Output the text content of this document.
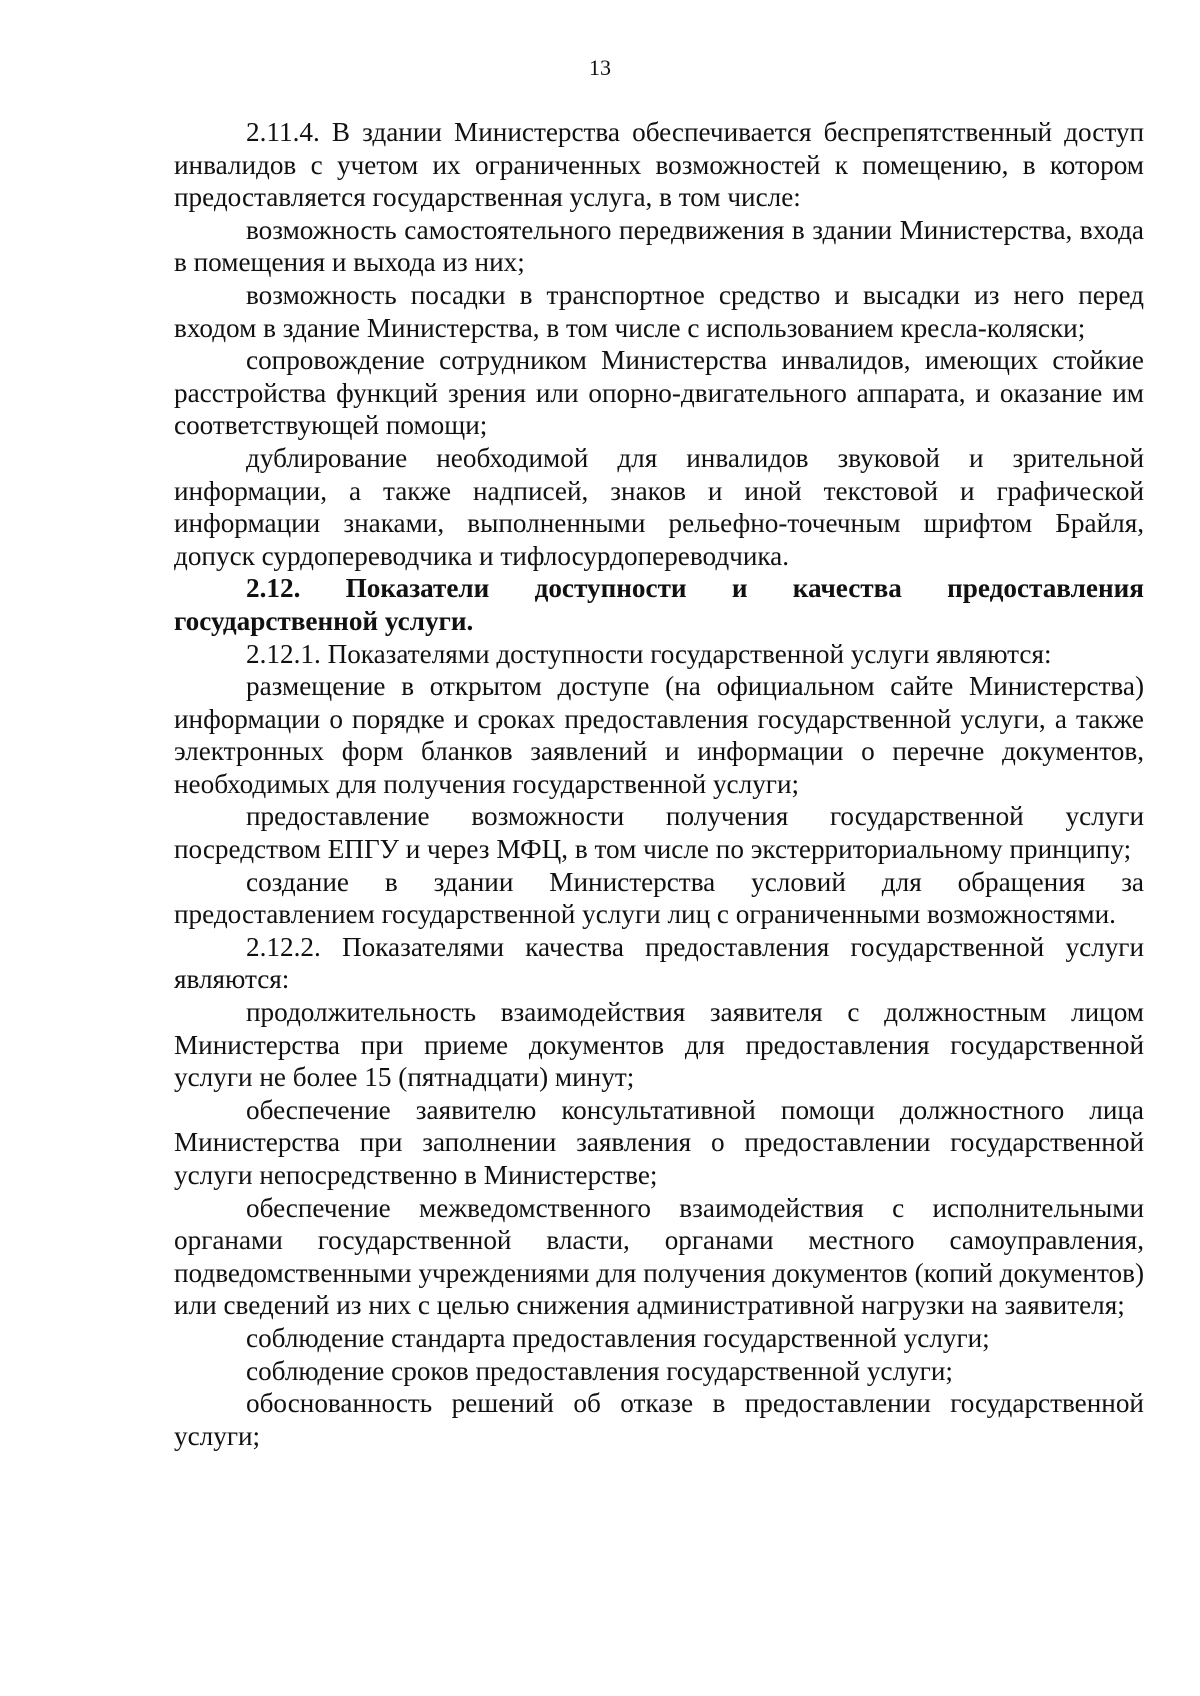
13

2.11.4. В здании Министерства обеспечивается беспрепятственный доступ инвалидов с учетом их ограниченных возможностей к помещению, в котором предоставляется государственная услуга, в том числе:

возможность самостоятельного передвижения в здании Министерства, входа в помещения и выхода из них;

возможность посадки в транспортное средство и высадки из него перед входом в здание Министерства, в том числе с использованием кресла-коляски;

сопровождение сотрудником Министерства инвалидов, имеющих стойкие расстройства функций зрения или опорно-двигательного аппарата, и оказание им соответствующей помощи;

дублирование необходимой для инвалидов звуковой и зрительной информации, а также надписей, знаков и иной текстовой и графической информации знаками, выполненными рельефно-точечным шрифтом Брайля, допуск сурдопереводчика и тифлосурдопереводчика.

2.12. Показатели доступности и качества предоставления государственной услуги.

2.12.1. Показателями доступности государственной услуги являются:

размещение в открытом доступе (на официальном сайте Министерства) информации о порядке и сроках предоставления государственной услуги, а также электронных форм бланков заявлений и информации о перечне документов, необходимых для получения государственной услуги;

предоставление возможности получения государственной услуги посредством ЕПГУ и через МФЦ, в том числе по экстерриториальному принципу;

создание в здании Министерства условий для обращения за предоставлением государственной услуги лиц с ограниченными возможностями.

2.12.2. Показателями качества предоставления государственной услуги являются:

продолжительность взаимодействия заявителя с должностным лицом Министерства при приеме документов для предоставления государственной услуги не более 15 (пятнадцати) минут;

обеспечение заявителю консультативной помощи должностного лица Министерства при заполнении заявления о предоставлении государственной услуги непосредственно в Министерстве;

обеспечение межведомственного взаимодействия с исполнительными органами государственной власти, органами местного самоуправления, подведомственными учреждениями для получения документов (копий документов) или сведений из них с целью снижения административной нагрузки на заявителя;

соблюдение стандарта предоставления государственной услуги;

соблюдение сроков предоставления государственной услуги;

обоснованность решений об отказе в предоставлении государственной услуги;
